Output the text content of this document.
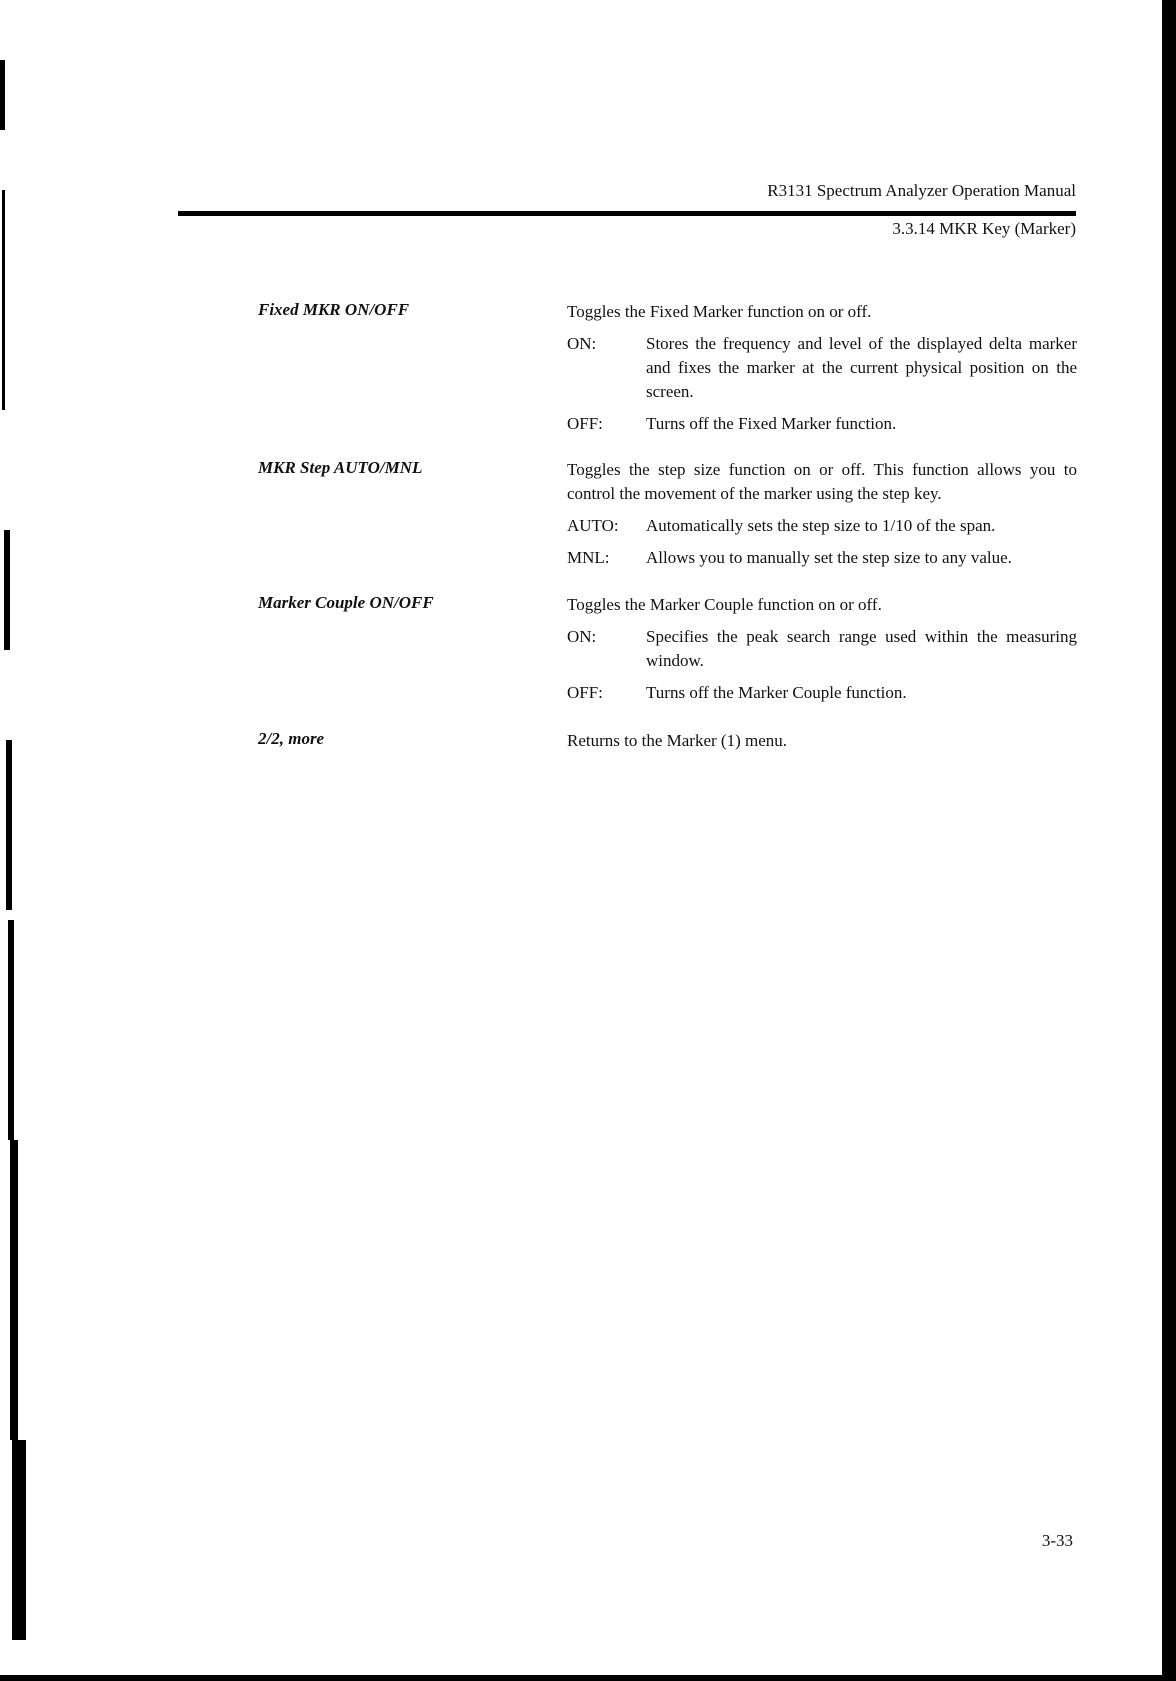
R3131 Spectrum Analyzer Operation Manual
3.3.14 MKR Key (Marker)
Fixed MKR ON/OFF	Toggles the Fixed Marker function on or off.

ON:	Stores the frequency and level of the displayed delta marker and fixes the marker at the current physical position on the screen.
OFF:	Turns off the Fixed Marker function.
MKR Step AUTO/MNL	Toggles the step size function on or off. This function allows you to control the movement of the marker using the step key.

AUTO:	Automatically sets the step size to 1/10 of the span.
MNL:	Allows you to manually set the step size to any value.
Marker Couple ON/OFF	Toggles the Marker Couple function on or off.

ON:	Specifies the peak search range used within the measuring window.
OFF:	Turns off the Marker Couple function.
2/2, more	Returns to the Marker (1) menu.

3-33
